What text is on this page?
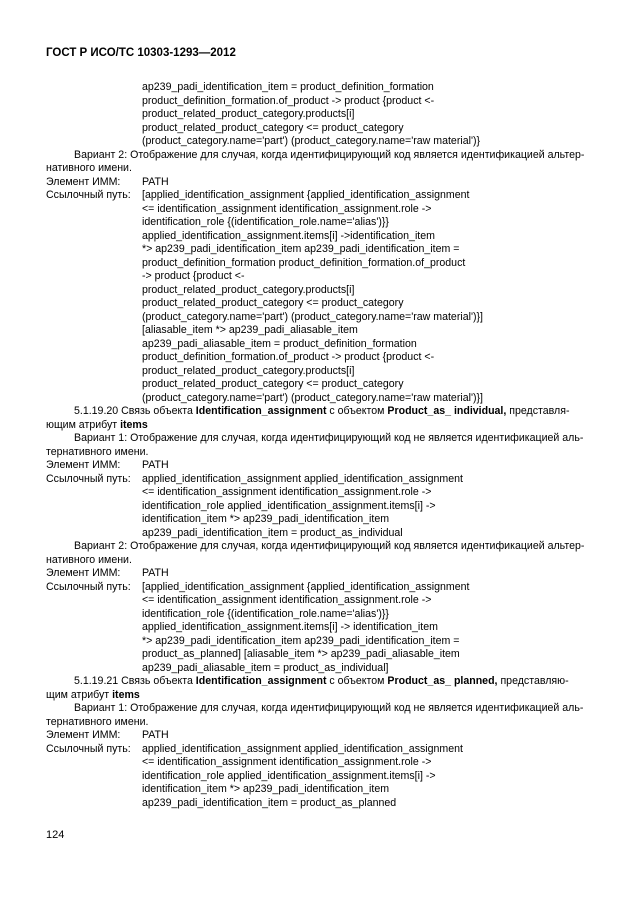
ГОСТ Р ИСО/ТС 10303-1293—2012
ap239_padi_identification_item = product_definition_formation
product_definition_formation.of_product -> product {product <-
product_related_product_category.products[i]
product_related_product_category <= product_category
(product_category.name='part') (product_category.name='raw material')}
Вариант 2: Отображение для случая, когда идентифицирующий код является идентификацией альтер-
нативного имени.
Элемент ИММ:	PATH
Ссылочный путь:	[applied_identification_assignment {applied_identification_assignment
<= identification_assignment identification_assignment.role ->
identification_role {(identification_role.name='alias')}}
applied_identification_assignment.items[i] ->identification_item
*> ap239_padi_identification_item ap239_padi_identification_item =
product_definition_formation product_definition_formation.of_product
-> product {product <-
product_related_product_category.products[i]
product_related_product_category <= product_category
(product_category.name='part') (product_category.name='raw material')}]
[aliasable_item *> ap239_padi_aliasable_item
ap239_padi_aliasable_item = product_definition_formation
product_definition_formation.of_product -> product {product <-
product_related_product_category.products[i]
product_related_product_category <= product_category
(product_category.name='part') (product_category.name='raw material')}]
5.1.19.20 Связь объекта Identification_assignment с объектом Product_as_ individual, представля-
ющим атрибут items
Вариант 1: Отображение для случая, когда идентифицирующий код не является идентификацией аль-
тернативного имени.
Элемент ИММ:	PATH
Ссылочный путь:	applied_identification_assignment applied_identification_assignment
<= identification_assignment identification_assignment.role ->
identification_role applied_identification_assignment.items[i] ->
identification_item *> ap239_padi_identification_item
ap239_padi_identification_item = product_as_individual
Вариант 2: Отображение для случая, когда идентифицирующий код является идентификацией альтер-
нативного имени.
Элемент ИММ:	PATH
Ссылочный путь:	[applied_identification_assignment {applied_identification_assignment
<= identification_assignment identification_assignment.role ->
identification_role {(identification_role.name='alias')}}
applied_identification_assignment.items[i] -> identification_item
*> ap239_padi_identification_item ap239_padi_identification_item =
product_as_planned] [aliasable_item *> ap239_padi_aliasable_item
ap239_padi_aliasable_item = product_as_individual]
5.1.19.21 Связь объекта Identification_assignment с объектом Product_as_ planned, представляю-
щим атрибут items
Вариант 1: Отображение для случая, когда идентифицирующий код не является идентификацией аль-
тернативного имени.
Элемент ИММ:	PATH
Ссылочный путь:	applied_identification_assignment applied_identification_assignment
<= identification_assignment identification_assignment.role ->
identification_role applied_identification_assignment.items[i] ->
identification_item *> ap239_padi_identification_item
ap239_padi_identification_item = product_as_planned
124
